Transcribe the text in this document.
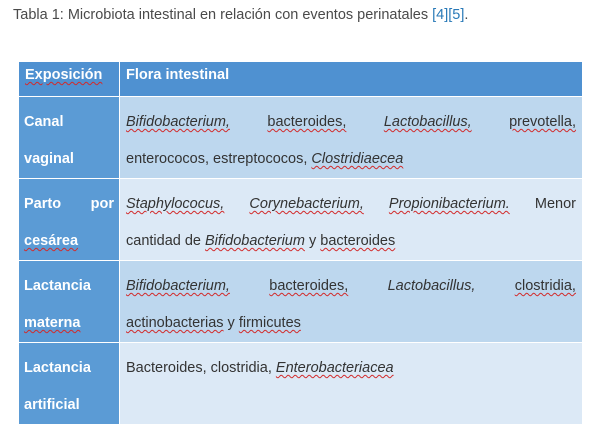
Tabla 1: Microbiota intestinal en relación con eventos perinatales [4][5].
Exposición	Flora intestinal

Canal
vaginal	Bifidobacterium, bacteroides, Lactobacillus, prevotella,
enterococos, estreptococos, Clostridiaecea

Parto por
cesárea	Staphylococus, Corynebacterium, Propionibacterium. Menor
cantidad de Bifidobacterium y bacteroides

Lactancia
materna	Bifidobacterium, bacteroides, Lactobacillus, clostridia,
actinobacterias y firmicutes

Lactancia
artificial	Bacteroides, clostridia, Enterobacteriacea
